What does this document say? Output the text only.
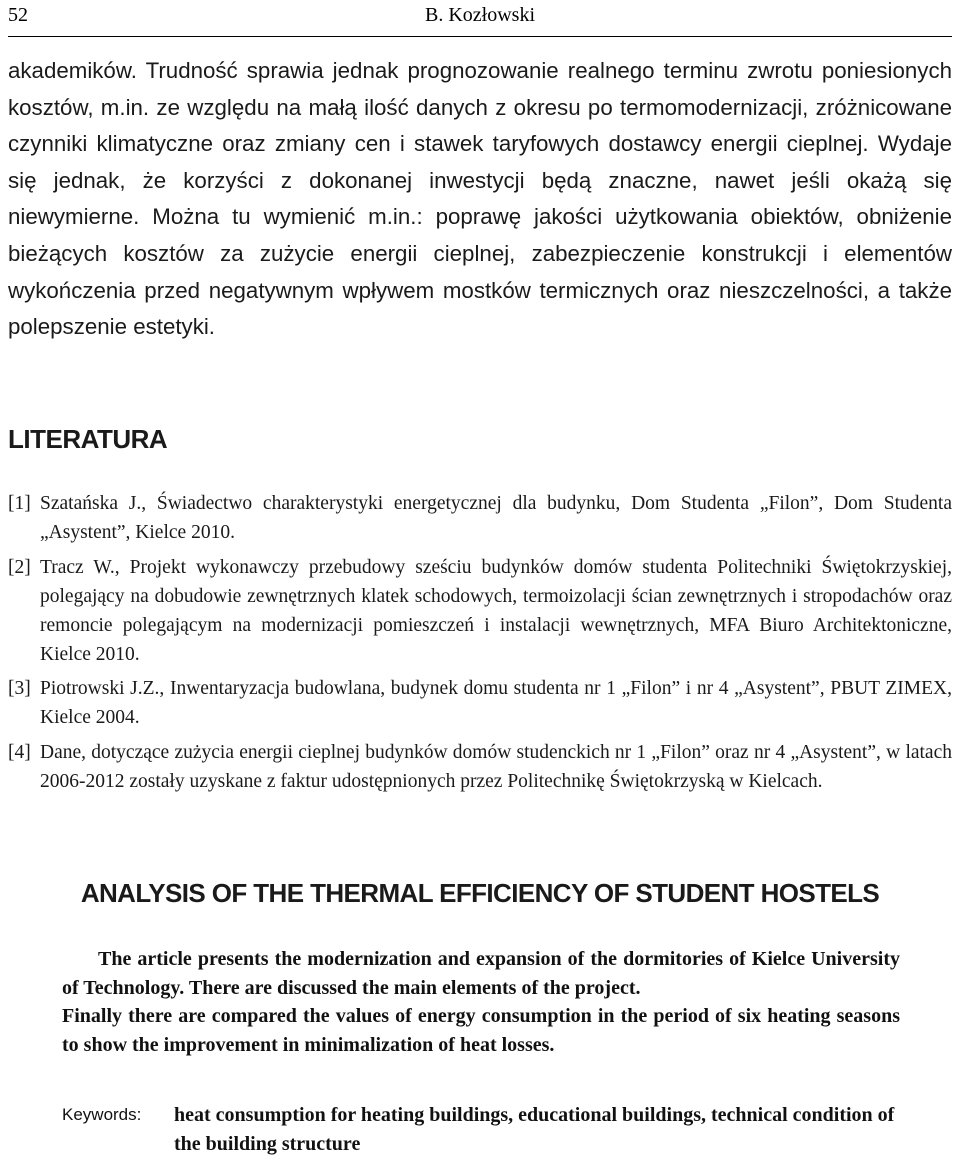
52	B. Kozłowski
akademików. Trudność sprawia jednak prognozowanie realnego terminu zwrotu poniesionych kosztów, m.in. ze względu na małą ilość danych z okresu po termomodernizacji, zróżnicowane czynniki klimatyczne oraz zmiany cen i stawek taryfowych dostawcy energii cieplnej. Wydaje się jednak, że korzyści z dokonanej inwestycji będą znaczne, nawet jeśli okażą się niewymierne. Można tu wymienić m.in.: poprawę jakości użytkowania obiektów, obniżenie bieżących kosztów za zużycie energii cieplnej, zabezpieczenie konstrukcji i elementów wykończenia przed negatywnym wpływem mostków termicznych oraz nieszczelności, a także polepszenie estetyki.
LITERATURA
[1] Szatańska J., Świadectwo charakterystyki energetycznej dla budynku, Dom Studenta „Filon”, Dom Studenta „Asystent”, Kielce 2010.
[2] Tracz W., Projekt wykonawczy przebudowy sześciu budynków domów studenta Politechniki Świętokrzyskiej, polegający na dobudowie zewnętrznych klatek schodowych, termoizolacji ścian zewnętrznych i stropodachów oraz remoncie polegającym na modernizacji pomieszczeń i instalacji wewnętrznych, MFA Biuro Architektoniczne, Kielce 2010.
[3] Piotrowski J.Z., Inwentaryzacja budowlana, budynek domu studenta nr 1 „Filon” i nr 4 „Asystent”, PBUT ZIMEX, Kielce 2004.
[4] Dane, dotyczące zużycia energii cieplnej budynków domów studenckich nr 1 „Filon” oraz nr 4 „Asystent”, w latach 2006-2012 zostały uzyskane z faktur udostępnionych przez Politechnikę Świętokrzyską w Kielcach.
ANALYSIS OF THE THERMAL EFFICIENCY OF STUDENT HOSTELS

The article presents the modernization and expansion of the dormitories of Kielce University of Technology. There are discussed the main elements of the project.

Finally there are compared the values of energy consumption in the period of six heating seasons to show the improvement in minimalization of heat losses.

Keywords: heat consumption for heating buildings, educational buildings, technical condition of the building structure
